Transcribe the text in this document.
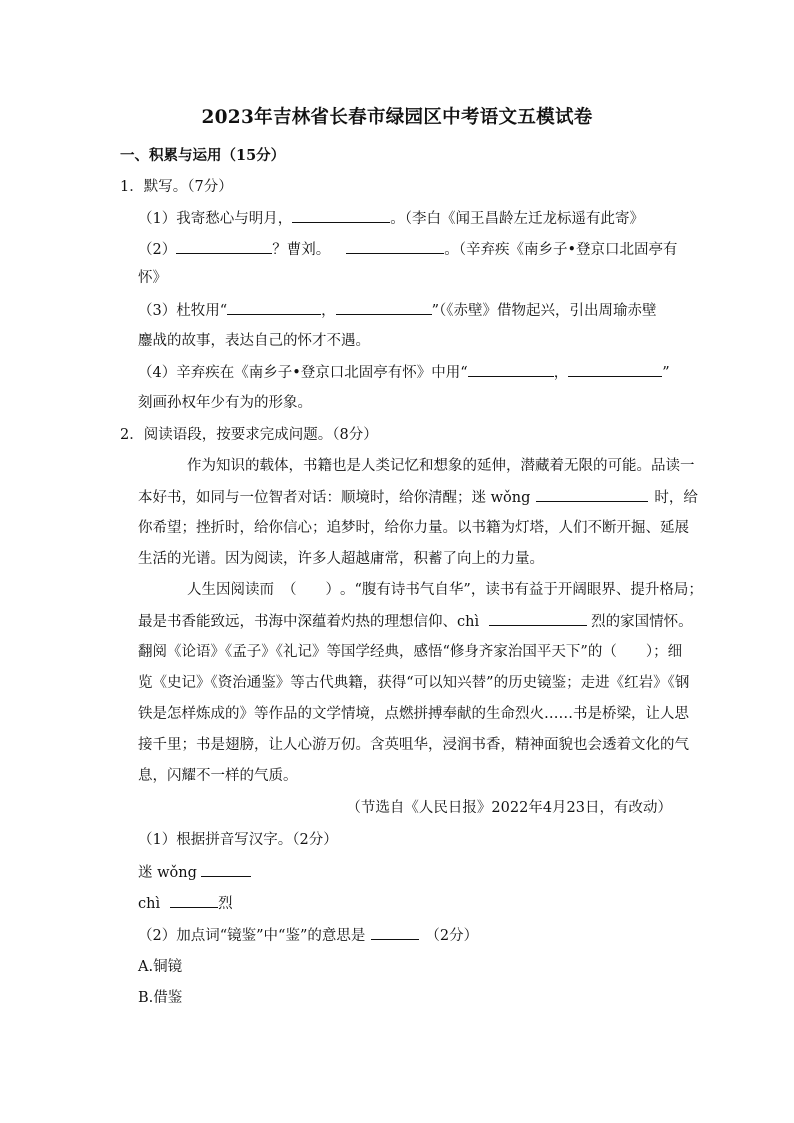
2023年吉林省长春市绿园区中考语文五模试卷
一、积累与运用（15分）
1．默写。（7分）
（1）我寄愁心与明月，	。（李白《闻王昌龄左迁龙标遥有此寄》
（2）	？曹刘。	。（辛弃疾《南乡子•登京口北固亭有
怀》
（3）杜牧用“	，	”（《赤壁》借物起兴，引出周瑜赤壁
鏖战的故事，表达自己的怀才不遇。
（4）辛弃疾在《南乡子•登京口北固亭有怀》中用“	，	”
刻画孙权年少有为的形象。
2．阅读语段，按要求完成问题。（8分）
作为知识的载体，书籍也是人类记忆和想象的延伸，潜藏着无限的可能。品读一
本好书，如同与一位智者对话：顺境时，给你清醒；迷 wǒng	时，给
你希望；挫折时，给你信心；追梦时，给你力量。以书籍为灯塔，人们不断开掘、延展
生活的光谱。因为阅读，许多人超越庸常，积蓄了向上的力量。
人生因阅读而 （　　）。“腹有诗书气自华”，读书有益于开阔眼界、提升格局；
最是书香能致远，书海中深蕴着灼热的理想信仰、chì	烈的家国情怀。
翻阅《论语》《孟子》《礼记》等国学经典，感悟“修身齐家治国平天下”的（　　）；细
览《史记》《资治通鉴》等古代典籍，获得“可以知兴替”的历史镜鉴；走进《红岩》《钢
铁是怎样炼成的》等作品的文学情境，点燃拼搏奉献的生命烈火……书是桥梁，让人思
接千里；书是翅膀，让人心游万仞。含英咀华，浸润书香，精神面貌也会透着文化的气
息，闪耀不一样的气质。
（节选自《人民日报》2022年4月23日，有改动）
（1）根据拼音写汉字。（2分）
迷 wǒng
chì	烈
（2）加点词“镜鉴”中“鉴”的意思是	（2分）
A.铜镜
B.借鉴
